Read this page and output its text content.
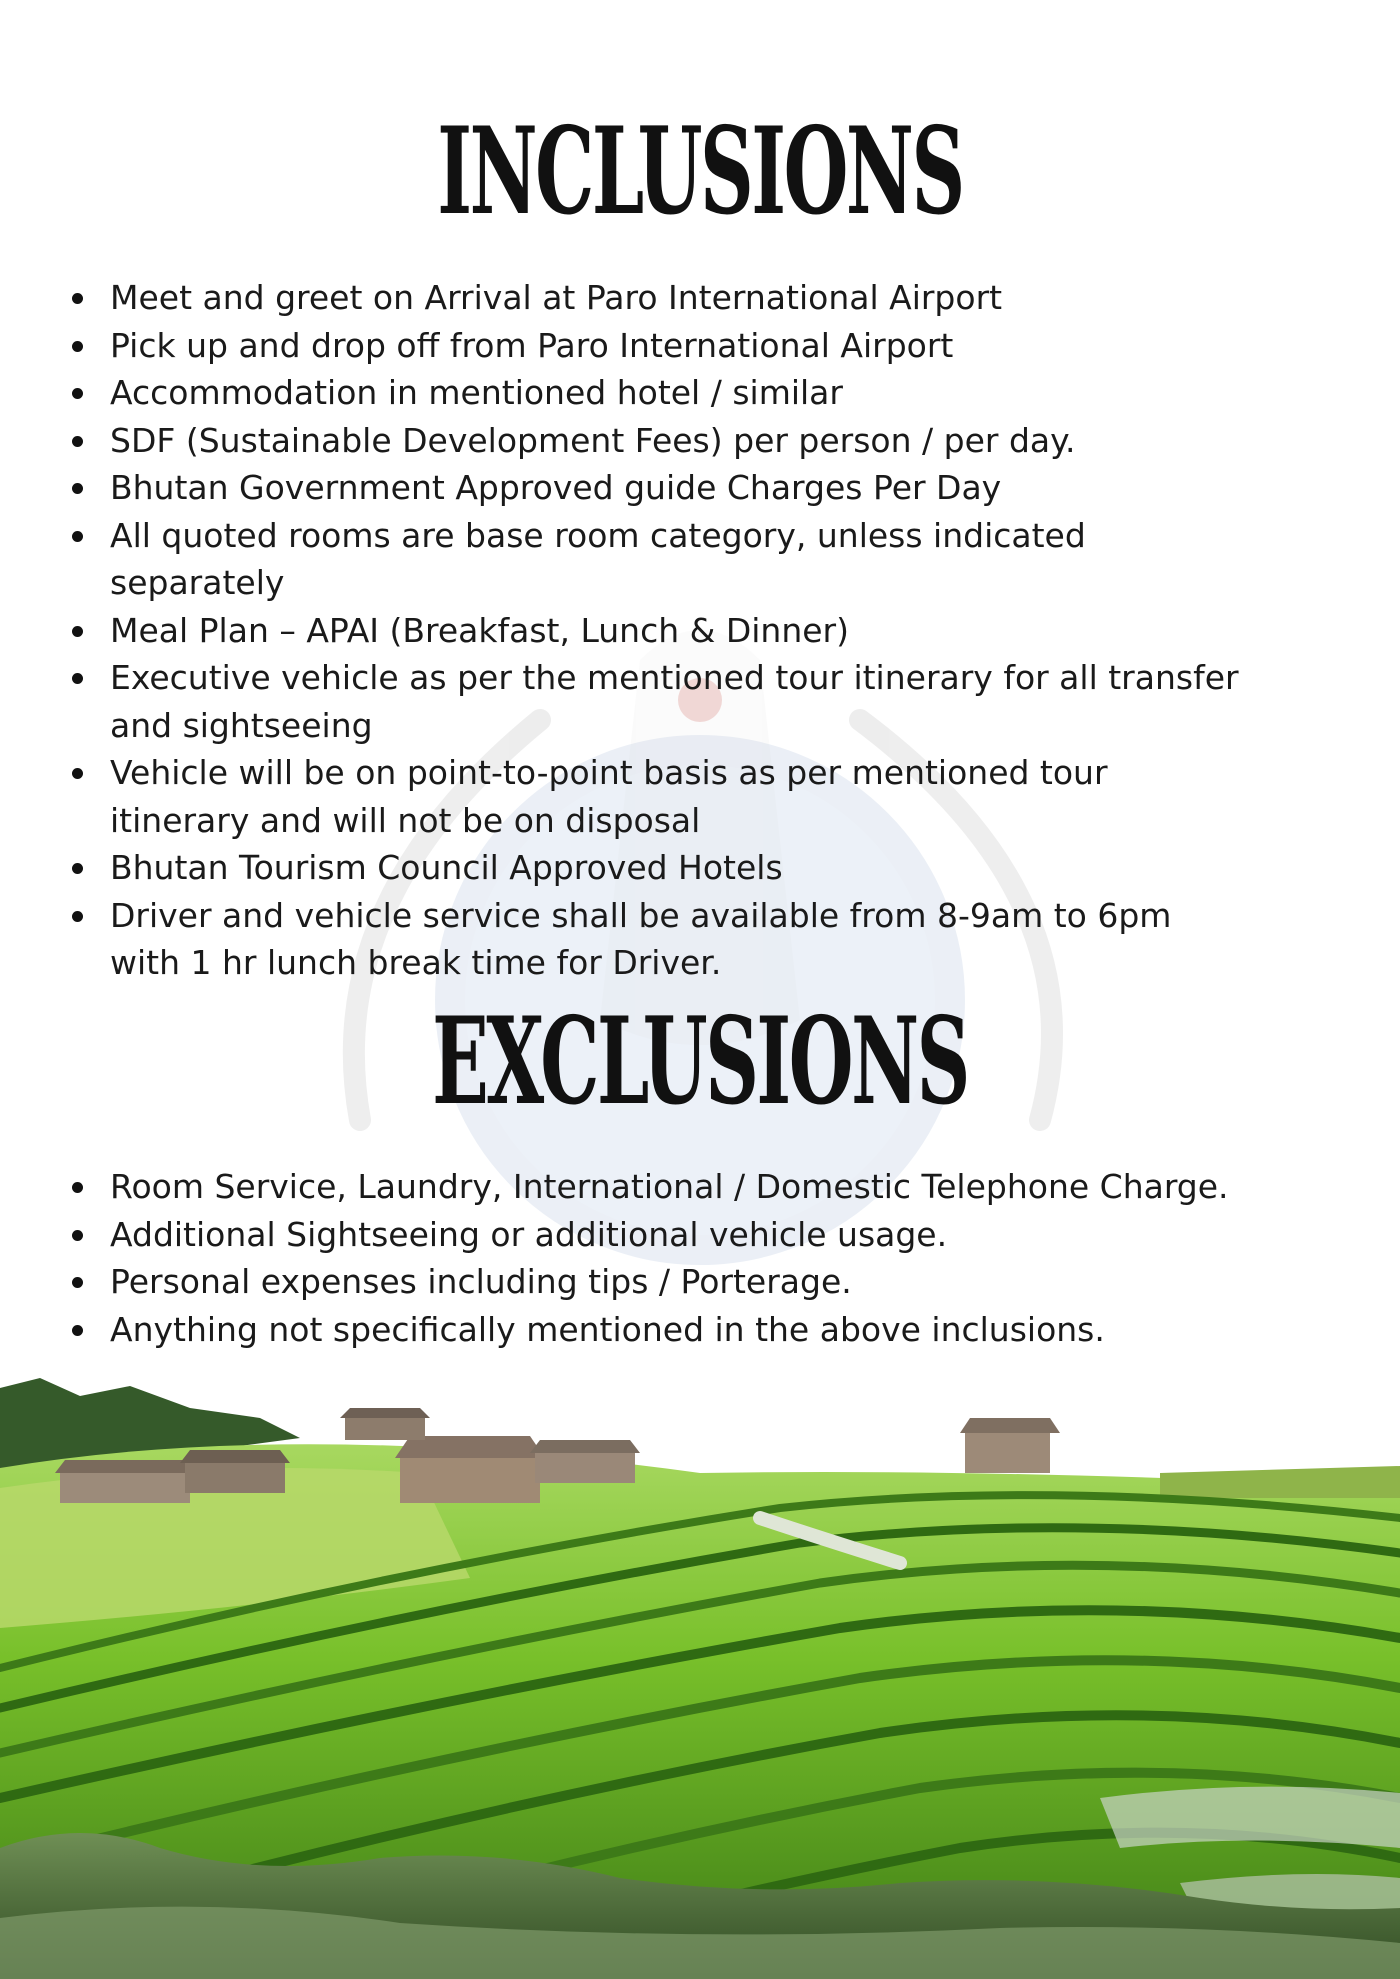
INCLUSIONS
Meet and greet on Arrival at Paro International Airport
Pick up and drop off from Paro International Airport
Accommodation in mentioned hotel / similar
SDF (Sustainable Development Fees) per person / per day.
Bhutan Government Approved guide Charges Per Day
All quoted rooms are base room category, unless indicated separately
Meal Plan – APAI (Breakfast, Lunch & Dinner)
Executive vehicle as per the mentioned tour itinerary for all transfer and sightseeing
Vehicle will be on point-to-point basis as per mentioned tour itinerary and will not be on disposal
Bhutan Tourism Council Approved Hotels
Driver and vehicle service shall be available from 8-9am to 6pm with 1 hr lunch break time for Driver.
EXCLUSIONS
Room Service, Laundry, International / Domestic Telephone Charge.
Additional Sightseeing or additional vehicle usage.
Personal expenses including tips / Porterage.
Anything not specifically mentioned in the above inclusions.
